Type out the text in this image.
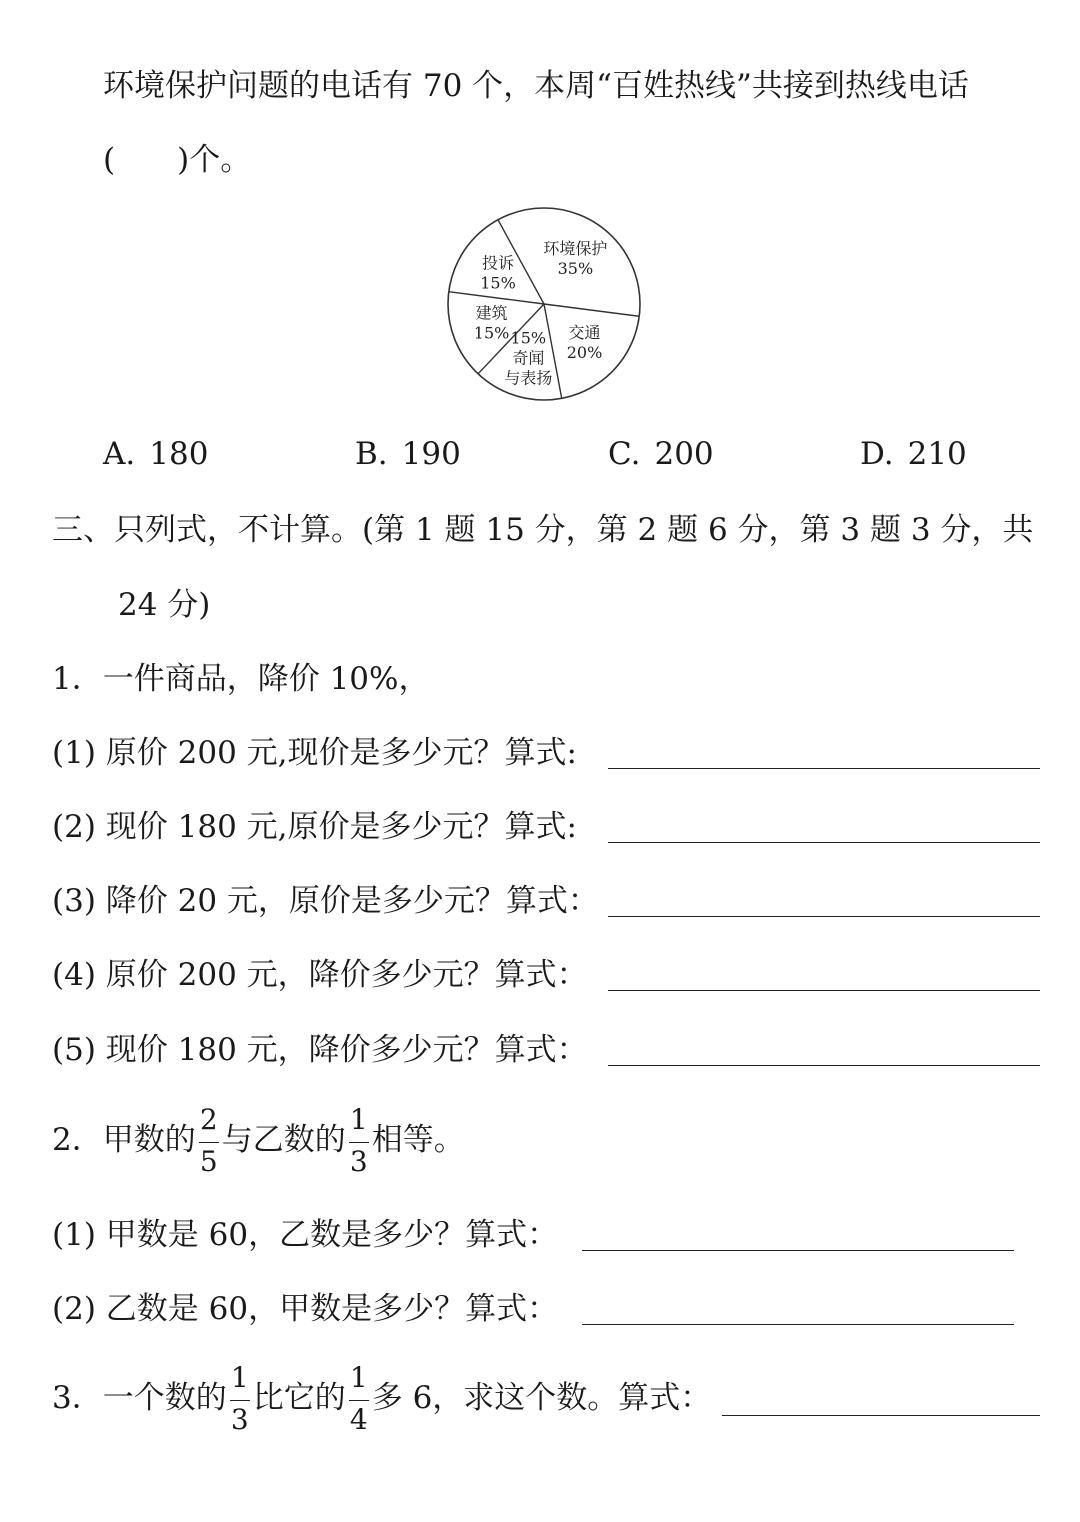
环境保护问题的电话有 70 个，本周“百姓热线”共接到热线电话
(　　)个。
环境保护
35%
交通
20%
15%
奇闻
与表扬
建筑
15%
投诉
15%
A. 180	B. 190	C. 200	D. 210
三、只列式，不计算。(第 1 题 15 分，第 2 题 6 分，第 3 题 3 分，共
24 分)
1．一件商品，降价 10%，
(1) 原价 200 元,现价是多少元？算式:
(2) 现价 180 元,原价是多少元？算式:
(3) 降价 20 元，原价是多少元？算式：
(4) 原价 200 元，降价多少元？算式：
(5) 现价 180 元，降价多少元？算式：
2．甲数的 $\frac{2}{5}$ 与乙数的 $\frac{1}{3}$ 相等。
(1) 甲数是 60，乙数是多少？算式：
(2) 乙数是 60，甲数是多少？算式：
3．一个数的 $\frac{1}{3}$ 比它的 $\frac{1}{4}$ 多 6，求这个数。算式：
